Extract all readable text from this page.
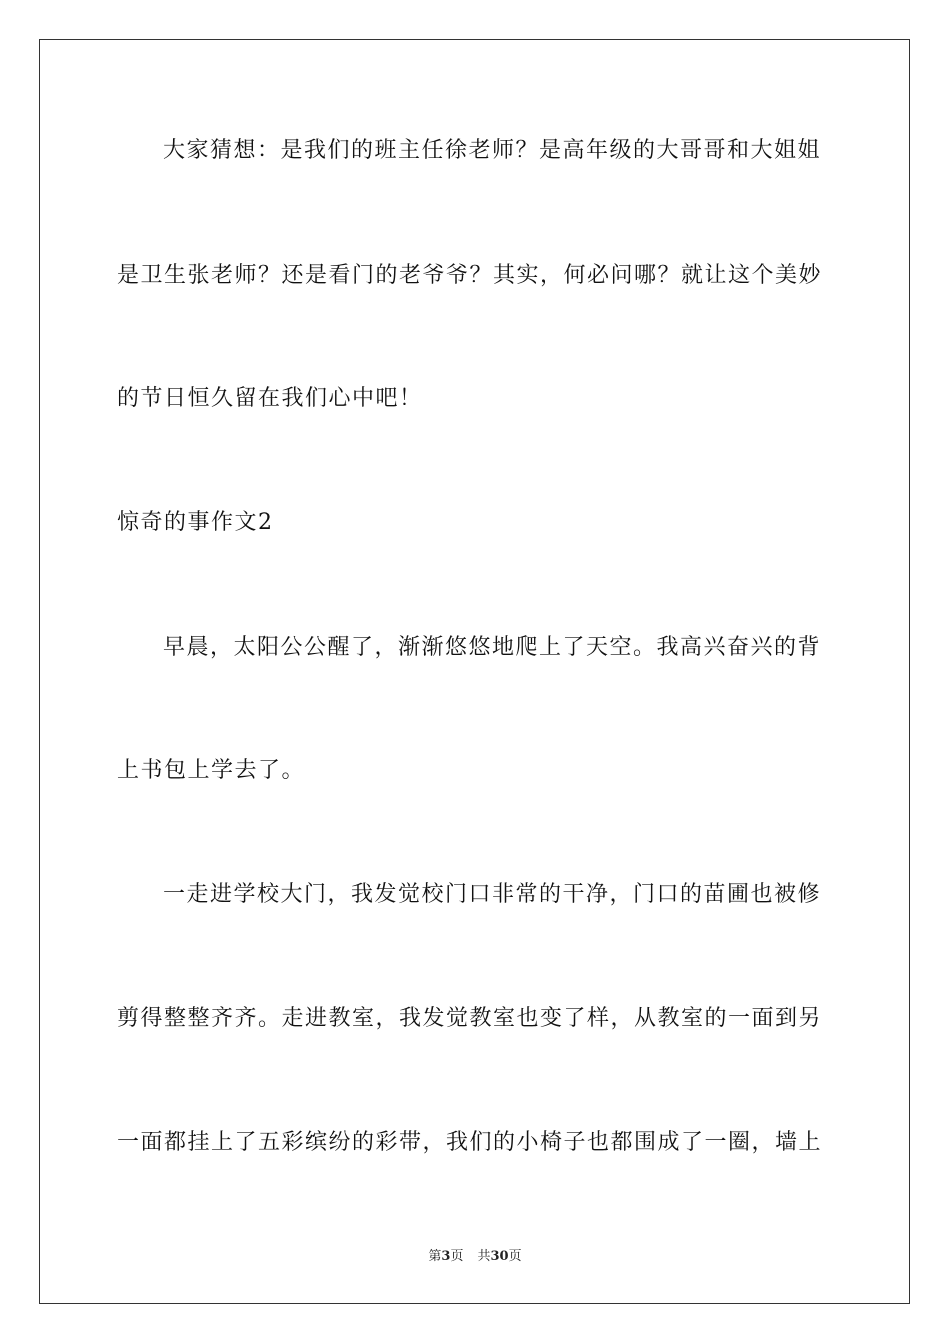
大家猜想：是我们的班主任徐老师？是高年级的大哥哥和大姐姐
是卫生张老师？还是看门的老爷爷？其实，何必问哪？就让这个美妙
的节日恒久留在我们心中吧！
惊奇的事作文2
早晨，太阳公公醒了，渐渐悠悠地爬上了天空。我高兴奋兴的背
上书包上学去了。
一走进学校大门，我发觉校门口非常的干净，门口的苗圃也被修
剪得整整齐齐。走进教室，我发觉教室也变了样，从教室的一面到另
一面都挂上了五彩缤纷的彩带，我们的小椅子也都围成了一圈，墙上
第3页 共30页
